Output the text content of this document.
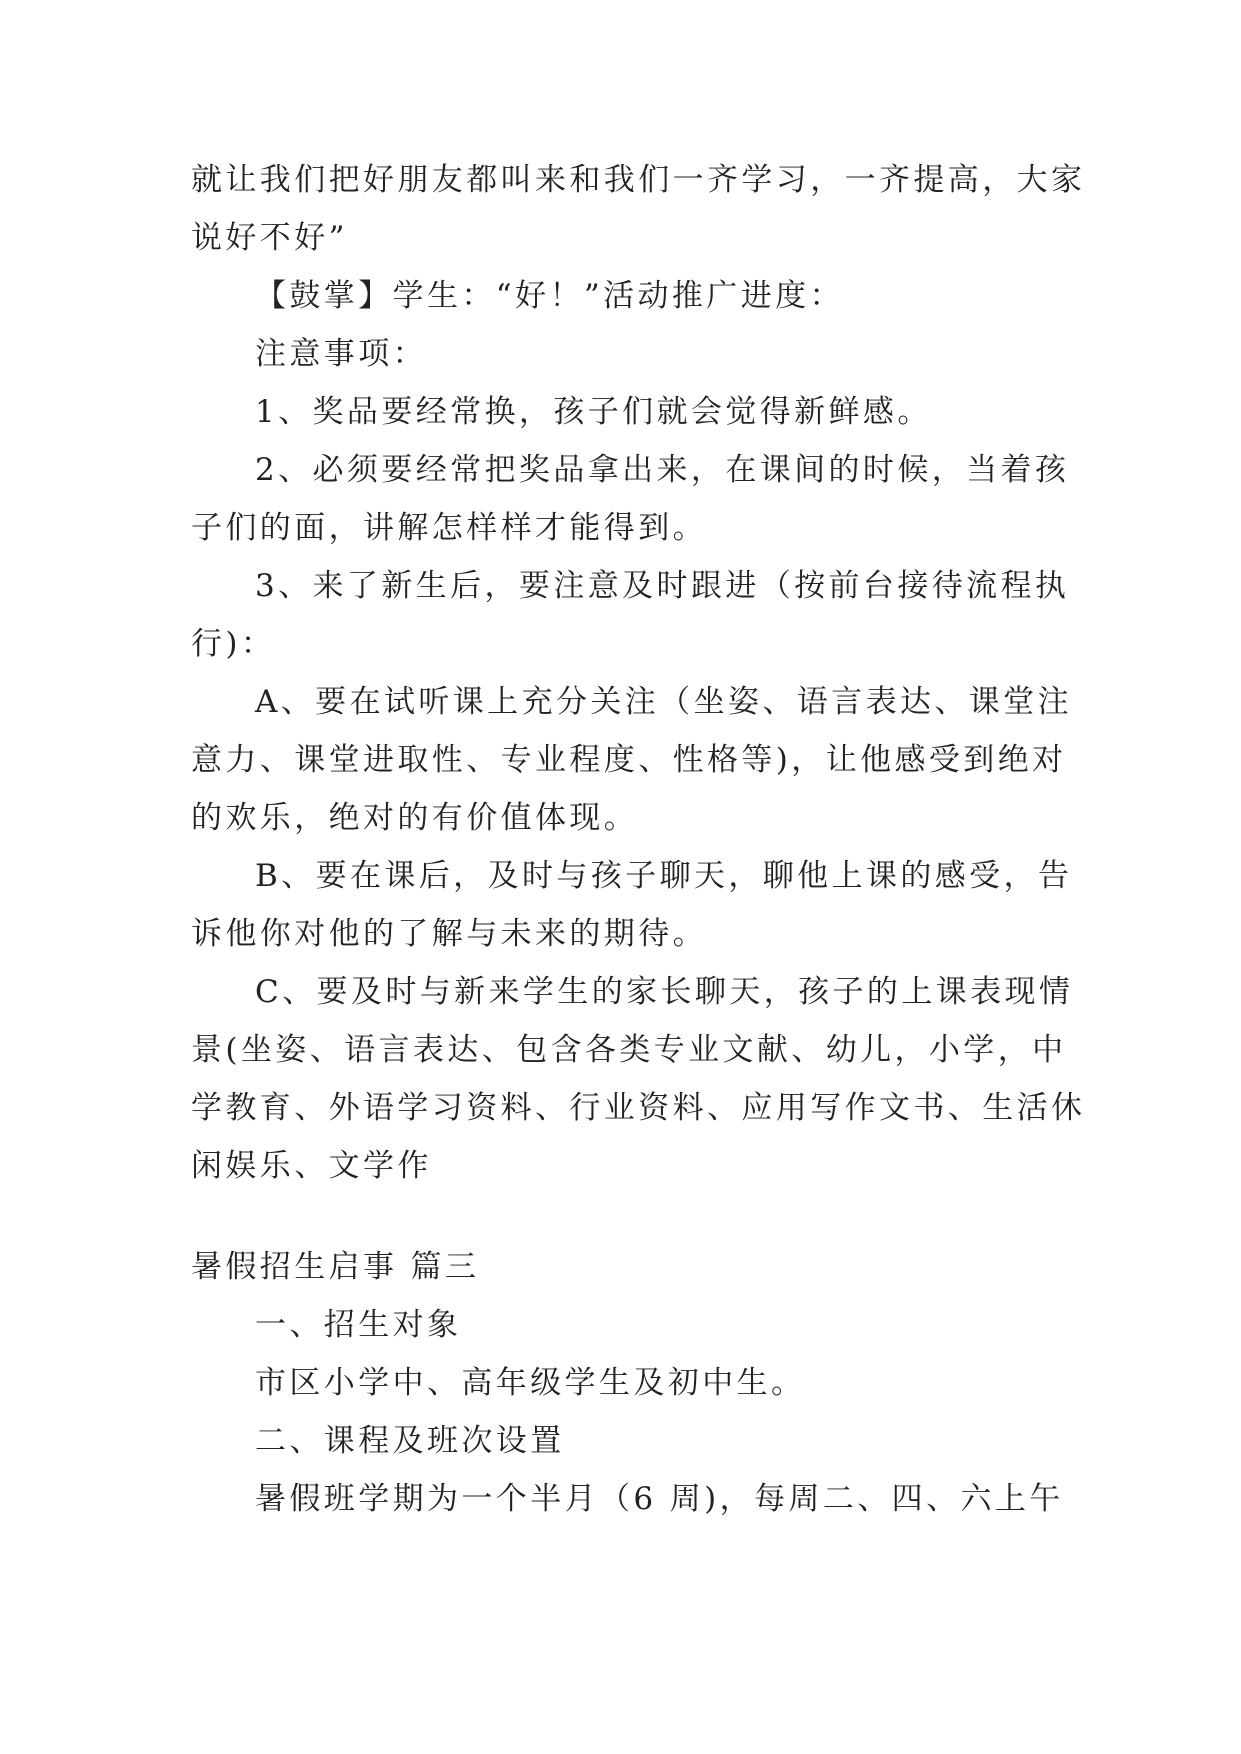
就让我们把好朋友都叫来和我们一齐学习，一齐提高，大家
说好不好”
【鼓掌】学生：“好！”活动推广进度：
注意事项：
1、奖品要经常换，孩子们就会觉得新鲜感。
2、必须要经常把奖品拿出来，在课间的时候，当着孩
子们的面，讲解怎样样才能得到。
3、来了新生后，要注意及时跟进（按前台接待流程执
行)：
A、要在试听课上充分关注（坐姿、语言表达、课堂注
意力、课堂进取性、专业程度、性格等)，让他感受到绝对
的欢乐，绝对的有价值体现。
B、要在课后，及时与孩子聊天，聊他上课的感受，告
诉他你对他的了解与未来的期待。
C、要及时与新来学生的家长聊天，孩子的上课表现情
景(坐姿、语言表达、包含各类专业文献、幼儿，小学，中
学教育、外语学习资料、行业资料、应用写作文书、生活休
闲娱乐、文学作
暑假招生启事 篇三
一、招生对象
市区小学中、高年级学生及初中生。
二、课程及班次设置
暑假班学期为一个半月（6 周)，每周二、四、六上午
